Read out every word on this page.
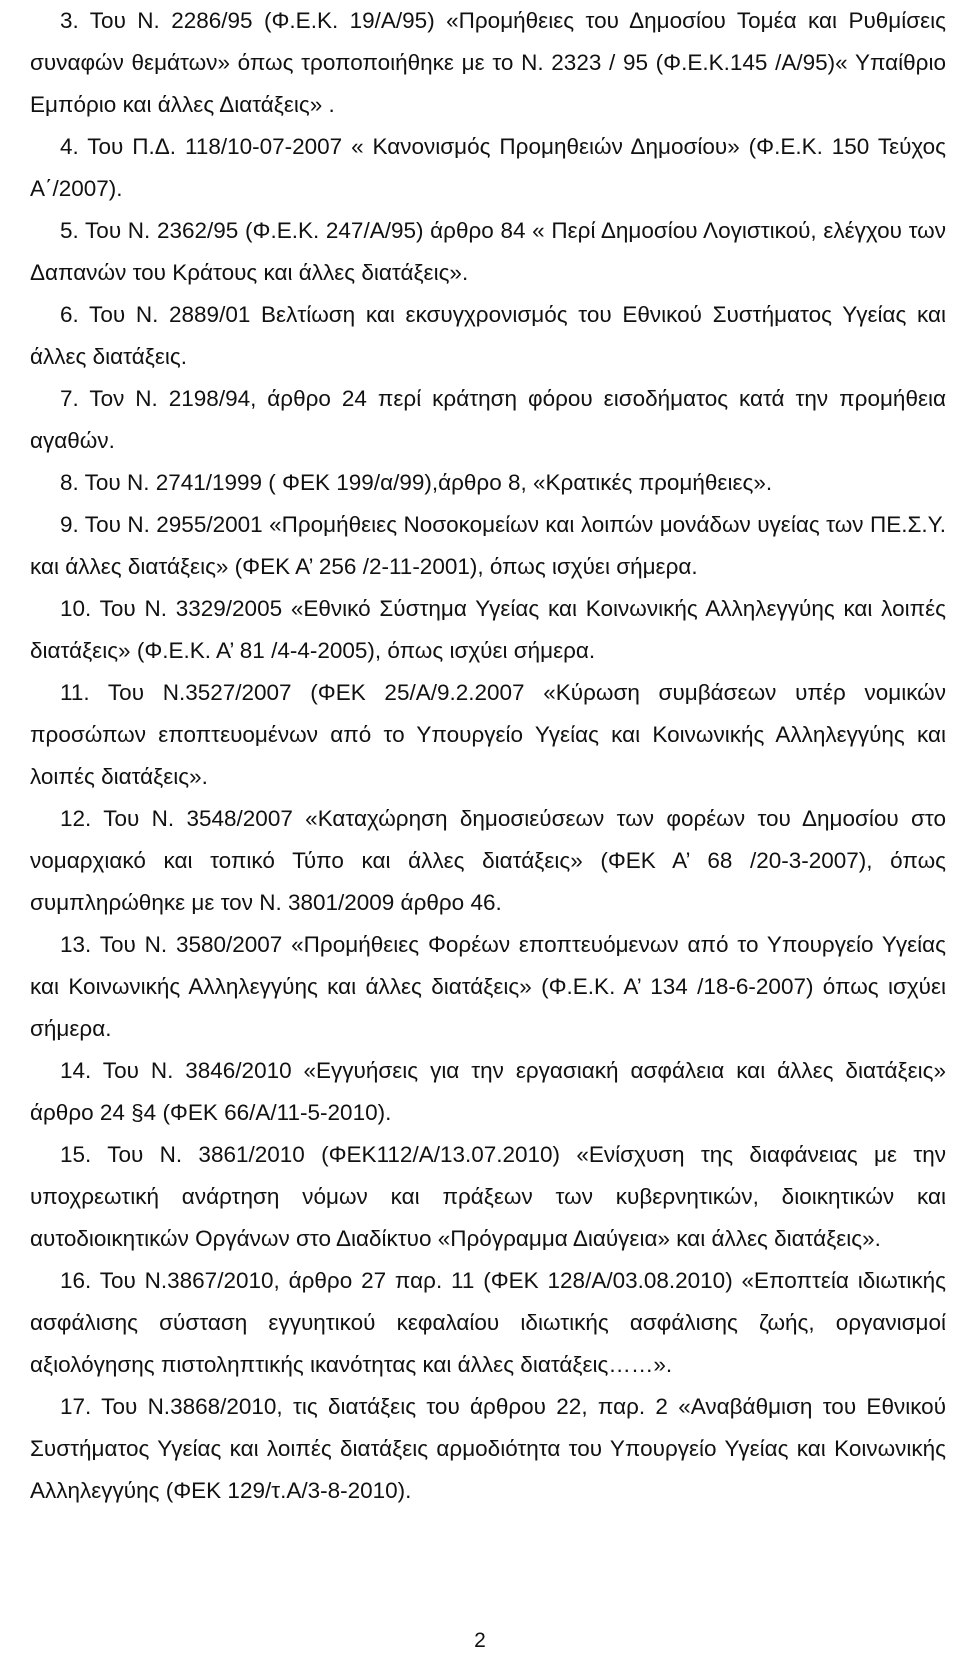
3. Του Ν. 2286/95 (Φ.Ε.Κ. 19/Α/95) «Προμήθειες του Δημοσίου Τομέα και Ρυθμίσεις συναφών θεμάτων» όπως τροποποιήθηκε με το Ν. 2323 / 95 (Φ.Ε.Κ.145 /Α/95)« Υπαίθριο Εμπόριο και άλλες Διατάξεις» .

4. Του Π.Δ. 118/10-07-2007 « Κανονισμός Προμηθειών Δημοσίου» (Φ.Ε.Κ. 150 Τεύχος Α΄/2007).

5. Του Ν. 2362/95 (Φ.Ε.Κ. 247/Α/95) άρθρο 84 « Περί Δημοσίου Λογιστικού, ελέγχου των Δαπανών του Κράτους και άλλες διατάξεις».

6. Του Ν. 2889/01 Βελτίωση και εκσυγχρονισμός του Εθνικού Συστήματος Υγείας και άλλες διατάξεις.

7. Τον Ν. 2198/94, άρθρο 24 περί κράτηση φόρου εισοδήματος κατά την προμήθεια αγαθών.

8. Του Ν. 2741/1999 ( ΦΕΚ 199/α/99),άρθρο 8, «Κρατικές προμήθειες».

9. Του Ν. 2955/2001 «Προμήθειες Νοσοκομείων και λοιπών μονάδων υγείας των ΠΕ.Σ.Υ. και άλλες διατάξεις» (ΦΕΚ Α’ 256 /2-11-2001), όπως ισχύει σήμερα.

10. Του Ν. 3329/2005 «Εθνικό Σύστημα Υγείας και Κοινωνικής Αλληλεγγύης και λοιπές διατάξεις» (Φ.Ε.Κ. Α’ 81 /4-4-2005), όπως ισχύει σήμερα.

11. Του Ν.3527/2007 (ΦΕΚ 25/Α/9.2.2007 «Κύρωση συμβάσεων υπέρ νομικών προσώπων εποπτευομένων από το Υπουργείο Υγείας και Κοινωνικής Αλληλεγγύης και λοιπές διατάξεις».

12. Του Ν. 3548/2007 «Καταχώρηση δημοσιεύσεων των φορέων του Δημοσίου στο νομαρχιακό και τοπικό Τύπο και άλλες διατάξεις» (ΦΕΚ Α’ 68 /20-3-2007), όπως συμπληρώθηκε με τον Ν. 3801/2009 άρθρο 46.

13. Του Ν. 3580/2007 «Προμήθειες Φορέων εποπτευόμενων από το Υπουργείο Υγείας και Κοινωνικής Αλληλεγγύης και άλλες διατάξεις» (Φ.Ε.Κ. Α’ 134 /18-6-2007) όπως ισχύει σήμερα.

14. Του Ν. 3846/2010 «Εγγυήσεις για την εργασιακή ασφάλεια και άλλες διατάξεις» άρθρο 24 §4 (ΦΕΚ 66/Α/11-5-2010).

15. Του Ν. 3861/2010 (ΦΕΚ112/Α/13.07.2010) «Ενίσχυση της διαφάνειας με την υποχρεωτική ανάρτηση νόμων και πράξεων των κυβερνητικών, διοικητικών και αυτοδιοικητικών Οργάνων στο Διαδίκτυο «Πρόγραμμα Διαύγεια» και άλλες διατάξεις».

16. Του Ν.3867/2010, άρθρο 27 παρ. 11 (ΦΕΚ 128/Α/03.08.2010) «Εποπτεία ιδιωτικής ασφάλισης σύσταση εγγυητικού κεφαλαίου ιδιωτικής ασφάλισης ζωής, οργανισμοί αξιολόγησης πιστοληπτικής ικανότητας και άλλες διατάξεις……».

17. Του Ν.3868/2010, τις διατάξεις του άρθρου 22, παρ. 2 «Αναβάθμιση του Εθνικού Συστήματος Υγείας και λοιπές διατάξεις αρμοδιότητα του Υπουργείο Υγείας και Κοινωνικής Αλληλεγγύης (ΦΕΚ 129/τ.Α/3-8-2010).

2
